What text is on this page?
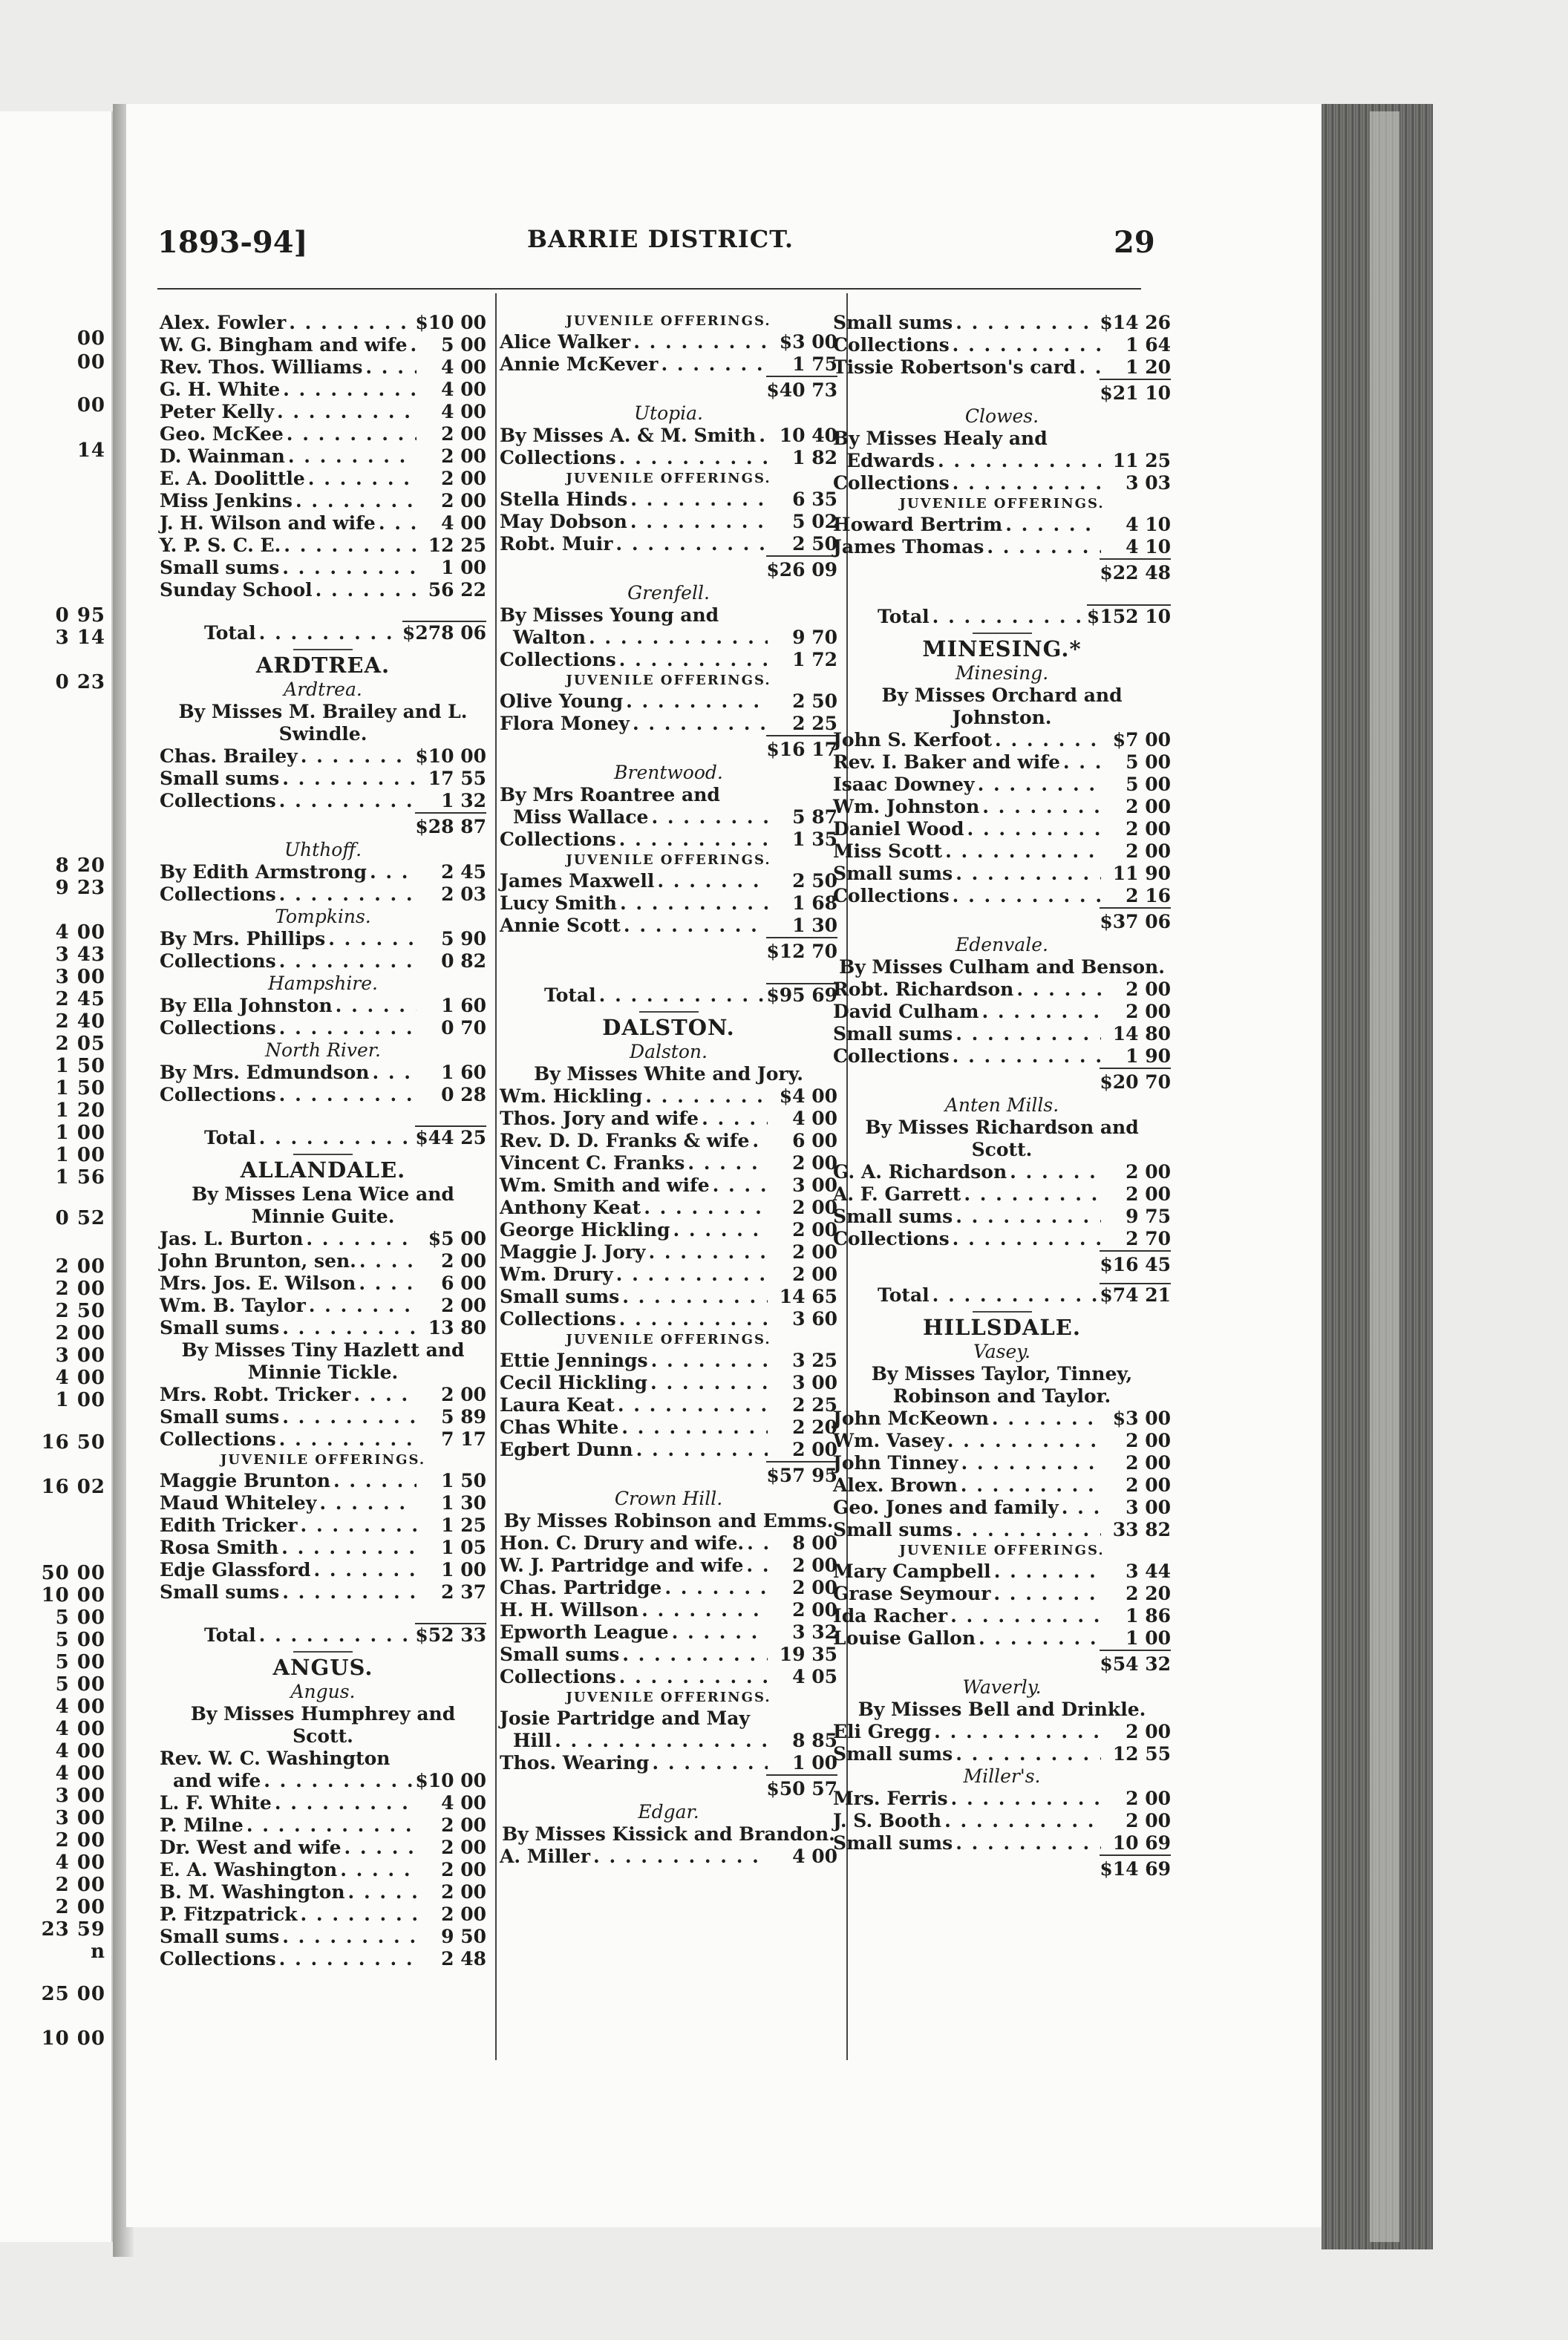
00
00
00
14
0 95
3 14
0 23
8 20
9 23
4 00
3 43
3 00
2 45
2 40
2 05
1 50
1 50
1 20
1 00
1 00
1 56
0 52
2 00
2 00
2 50
2 00
3 00
4 00
1 00
16 50
16 02
50 00
10 00
5 00
5 00
5 00
5 00
4 00
4 00
4 00
4 00
3 00
3 00
2 00
4 00
2 00
2 00
23 59
n
25 00
10 00
1893-94]	BARRIE DISTRICT.	29
Alex. Fowler . . .	$10 00
W. G. Bingham and wife . . .	5 00
Rev. Thos. Williams . . .	4 00
G. H. White . . .	4 00
Peter Kelly . . .	4 00
Geo. McKee . . .	2 00
D. Wainman . . .	2 00
E. A. Doolittle . . .	2 00
Miss Jenkins . . .	2 00
J. H. Wilson and wife . . .	4 00
Y. P. S. C. E. . . .	12 25
Small sums . . .	1 00
Sunday School . . .	56 22
Total . . .	$278 06
ARDTREA.
Ardtrea.
By Misses M. Brailey and L. Swindle.
Chas. Brailey . . .	$10 00
Small sums . . .	17 55
Collections . . .	1 32
$28 87
Uhthoff.
By Edith Armstrong . . .	2 45
Collections . . .	2 03
Tompkins.
By Mrs. Phillips . . .	5 90
Collections . . .	0 82
Hampshire.
By Ella Johnston . . .	1 60
Collections . . .	0 70
North River.
By Mrs. Edmundson . . .	1 60
Collections . . .	0 28
Total . . .	$44 25
ALLANDALE.
By Misses Lena Wice and Minnie Guite.
Jas. L. Burton . . .	$5 00
John Brunton, sen. . . .	2 00
Mrs. Jos. E. Wilson . . .	6 00
Wm. B. Taylor . . .	2 00
Small sums . . .	13 80
By Misses Tiny Hazlett and Minnie Tickle.
Mrs. Robt. Tricker . . .	2 00
Small sums . . .	5 89
Collections . . .	7 17
JUVENILE OFFERINGS.
Maggie Brunton . . .	1 50
Maud Whiteley . . .	1 30
Edith Tricker . . .	1 25
Rosa Smith . . .	1 05
Edje Glassford . . .	1 00
Small sums . . .	2 37
Total . . .	$52 33
ANGUS.
Angus.
By Misses Humphrey and Scott.
Rev. W. C. Washington
and wife . . .	$10 00
L. F. White . . .	4 00
P. Milne . . .	2 00
Dr. West and wife . . .	2 00
E. A. Washington . . .	2 00
B. M. Washington . . .	2 00
P. Fitzpatrick . . .	2 00
Small sums . . .	9 50
Collections . . .	2 48
JUVENILE OFFERINGS.
Alice Walker . . .	$3 00
Annie McKever . . .	1 75
$40 73
Utopia.
By Misses A. & M. Smith . . .	10 40
Collections . . .	1 82
JUVENILE OFFERINGS.
Stella Hinds . . .	6 35
May Dobson . . .	5 02
Robt. Muir . . .	2 50
$26 09
Grenfell.
By Misses Young and
Walton . . .	9 70
Collections . . .	1 72
JUVENILE OFFERINGS.
Olive Young . . .	2 50
Flora Money . . .	2 25
$16 17
Brentwood.
By Mrs Roantree and
Miss Wallace . . .	5 87
Collections . . .	1 35
JUVENILE OFFERINGS.
James Maxwell . . .	2 50
Lucy Smith . . .	1 68
Annie Scott . . .	1 30
$12 70
Total . . .	$95 69
DALSTON.
Dalston.
By Misses White and Jory.
Wm. Hickling . . .	$4 00
Thos. Jory and wife . . .	4 00
Rev. D. D. Franks & wife . . .	6 00
Vincent C. Franks . . .	2 00
Wm. Smith and wife . . .	3 00
Anthony Keat . . .	2 00
George Hickling . . .	2 00
Maggie J. Jory . . .	2 00
Wm. Drury . . .	2 00
Small sums . . .	14 65
Collections . . .	3 60
JUVENILE OFFERINGS.
Ettie Jennings . . .	3 25
Cecil Hickling . . .	3 00
Laura Keat . . .	2 25
Chas White . . .	2 20
Egbert Dunn . . .	2 00
$57 95
Crown Hill.
By Misses Robinson and Emms.
Hon. C. Drury and wife. . . .	8 00
W. J. Partridge and wife . . .	2 00
Chas. Partridge . . .	2 00
H. H. Willson . . .	2 00
Epworth League . . .	3 32
Small sums . . .	19 35
Collections . . .	4 05
JUVENILE OFFERINGS.
Josie Partridge and May
Hill . . .	8 85
Thos. Wearing . . .	1 00
$50 57
Edgar.
By Misses Kissick and Brandon.
A. Miller . . .	4 00
Small sums . . .	$14 26
Collections . . .	1 64
Tissie Robertson's card . . .	1 20
$21 10
Clowes.
By Misses Healy and
Edwards . . .	11 25
Collections . . .	3 03
JUVENILE OFFERINGS.
Howard Bertrim . . .	4 10
James Thomas . . .	4 10
$22 48
Total . . .	$152 10
MINESING.*
Minesing.
By Misses Orchard and Johnston.
John S. Kerfoot . . .	$7 00
Rev. I. Baker and wife . . .	5 00
Isaac Downey . . .	5 00
Wm. Johnston . . .	2 00
Daniel Wood . . .	2 00
Miss Scott . . .	2 00
Small sums . . .	11 90
Collections . . .	2 16
$37 06
Edenvale.
By Misses Culham and Benson.
Robt. Richardson . . .	2 00
David Culham . . .	2 00
Small sums . . .	14 80
Collections . . .	1 90
$20 70
Anten Mills.
By Misses Richardson and Scott.
G. A. Richardson . . .	2 00
A. F. Garrett . . .	2 00
Small sums . . .	9 75
Collections . . .	2 70
$16 45
Total . . .	$74 21
HILLSDALE.
Vasey.
By Misses Taylor, Tinney, Robinson and Taylor.
John McKeown . . .	$3 00
Wm. Vasey . . .	2 00
John Tinney . . .	2 00
Alex. Brown . . .	2 00
Geo. Jones and family . . .	3 00
Small sums . . .	33 82
JUVENILE OFFERINGS.
Mary Campbell . . .	3 44
Grase Seymour . . .	2 20
Ida Racher . . .	1 86
Louise Gallon . . .	1 00
$54 32
Waverly.
By Misses Bell and Drinkle.
Eli Gregg . . .	2 00
Small sums . . .	12 55
Miller's.
Mrs. Ferris . . .	2 00
J. S. Booth . . .	2 00
Small sums . . .	10 69
$14 69
